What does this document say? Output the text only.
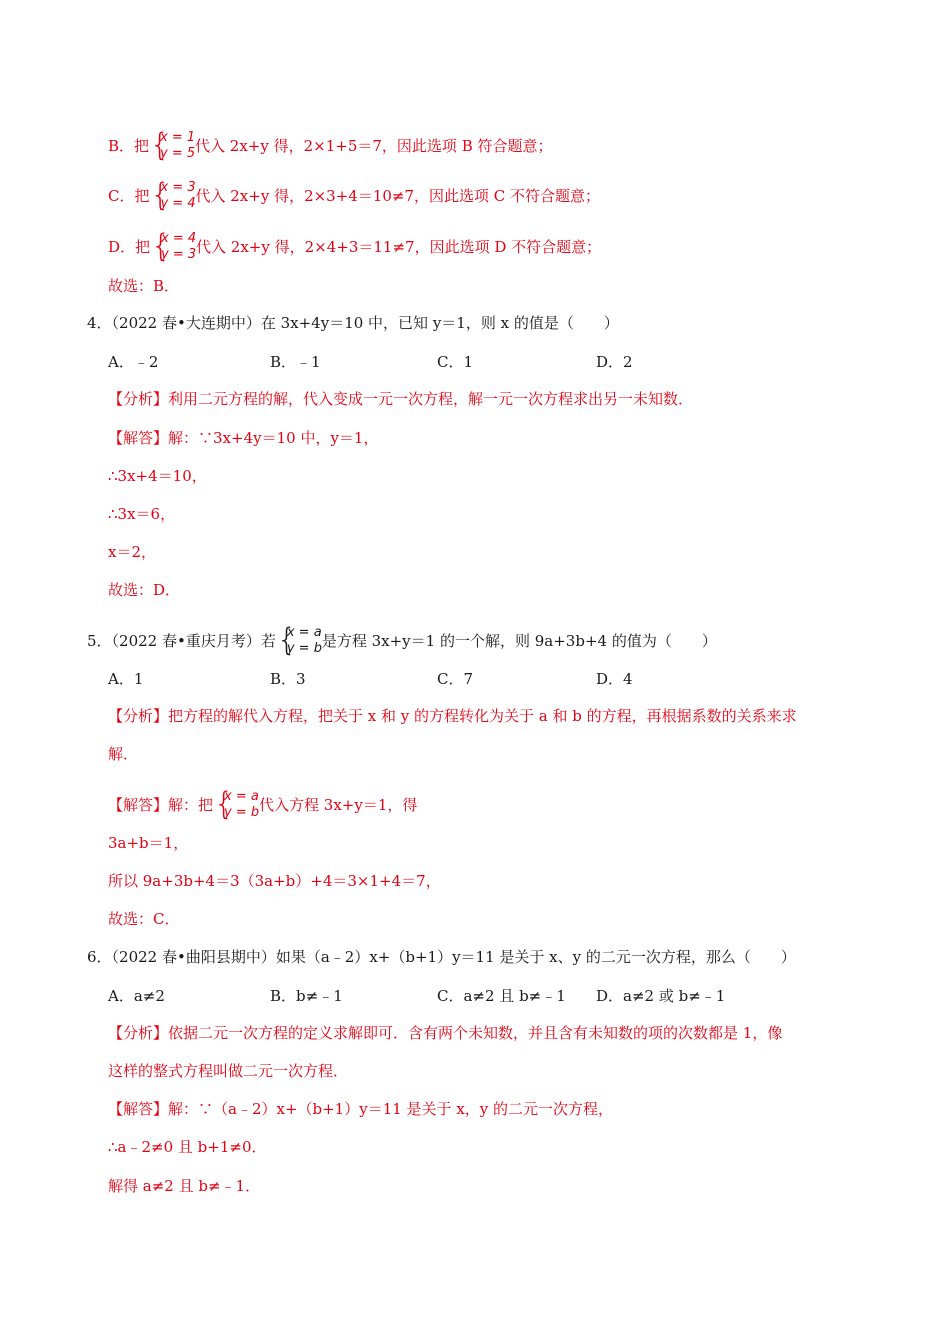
B．把 {
x = 1
y = 5 代入 2x+y 得，2×1+5＝7，因此选项 B 符合题意；
C．把 {
x = 3
y = 4 代入 2x+y 得，2×3+4＝10≠7，因此选项 C 不符合题意；
D．把 {
x = 4
y = 3 代入 2x+y 得，2×4+3＝11≠7，因此选项 D 不符合题意；
故选：B．
4．（2022 春•大连期中）在 3x+4y＝10 中，已知 y＝1，则 x 的值是（　　）
A．﹣2	B．﹣1	C．1	D．2
【分析】利用二元方程的解，代入变成一元一次方程，解一元一次方程求出另一未知数．
【解答】解：∵3x+4y＝10 中，y＝1，
∴3x+4＝10，
∴3x＝6，
x＝2，
故选：D．
5．（2022 春•重庆月考）若 {
x = a
y = b 是方程 3x+y＝1 的一个解，则 9a+3b+4 的值为（　　）
A．1	B．3	C．7	D．4
【分析】把方程的解代入方程，把关于 x 和 y 的方程转化为关于 a 和 b 的方程，再根据系数的关系来求
解．
【解答】解：把 {
x = a
y = b 代入方程 3x+y＝1，得
3a+b＝1，
所以 9a+3b+4＝3（3a+b）+4＝3×1+4＝7，
故选：C．
6．（2022 春•曲阳县期中）如果（a﹣2）x+（b+1）y＝11 是关于 x、y 的二元一次方程，那么（　　）
A．a≠2	B．b≠﹣1	C．a≠2 且 b≠﹣1 D．a≠2 或 b≠﹣1
【分析】依据二元一次方程的定义求解即可．含有两个未知数，并且含有未知数的项的次数都是 1，像
这样的整式方程叫做二元一次方程．
【解答】解：∵（a﹣2）x+（b+1）y＝11 是关于 x，y 的二元一次方程，
∴a﹣2≠0 且 b+1≠0．
解得 a≠2 且 b≠﹣1．
